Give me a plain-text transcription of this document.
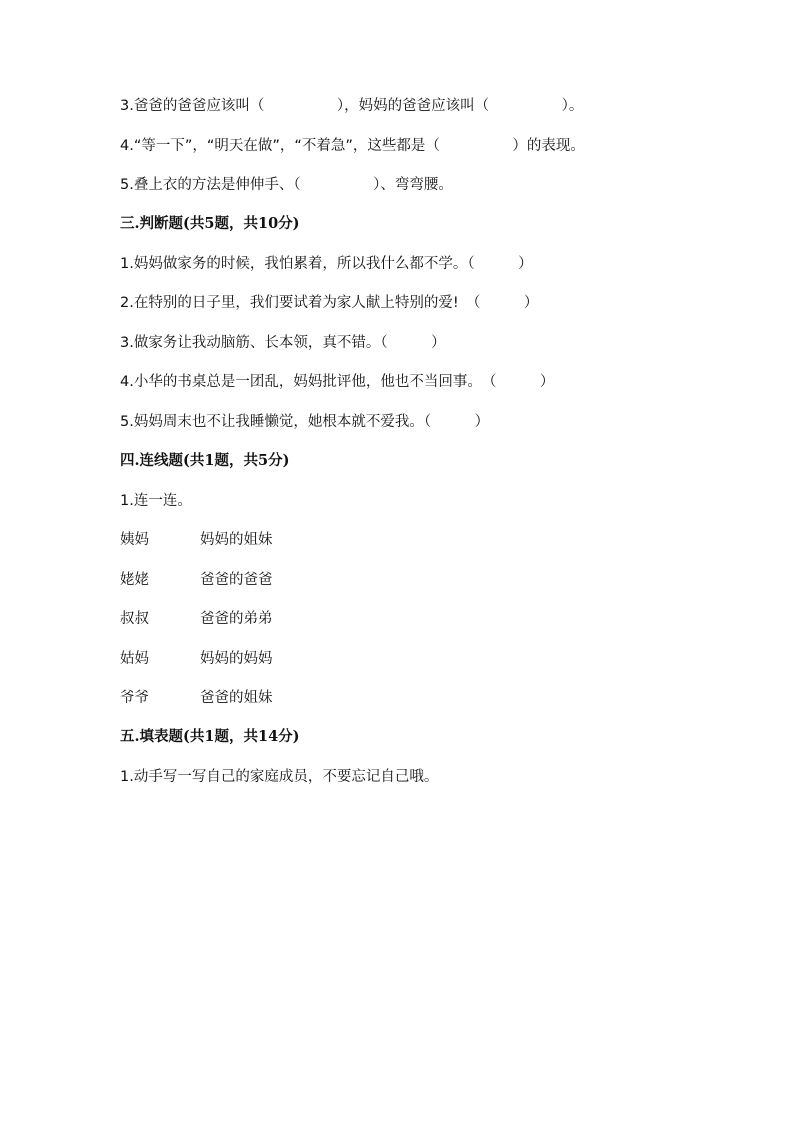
3.爸爸的爸爸应该叫（　　　　　），妈妈的爸爸应该叫（　　　　　）。

4.“等一下”，“明天在做”，“不着急”，这些都是（　　　　　）的表现。

5.叠上衣的方法是伸伸手、（　　　　　）、弯弯腰。

三.判断题(共5题，共10分)

1.妈妈做家务的时候，我怕累着，所以我什么都不学。（　　　）

2.在特别的日子里，我们要试着为家人献上特别的爱!　（　　　）

3.做家务让我动脑筋、长本领，真不错。（　　　）

4.小华的书桌总是一团乱，妈妈批评他，他也不当回事。　（　　　）

5.妈妈周末也不让我睡懒觉，她根本就不爱我。（　　　）

四.连线题(共1题，共5分)

1.连一连。

姨妈	妈妈的姐妹
姥姥	爸爸的爸爸
叔叔	爸爸的弟弟
姑妈	妈妈的妈妈
爷爷	爸爸的姐妹

五.填表题(共1题，共14分)

1.动手写一写自己的家庭成员，不要忘记自己哦。
